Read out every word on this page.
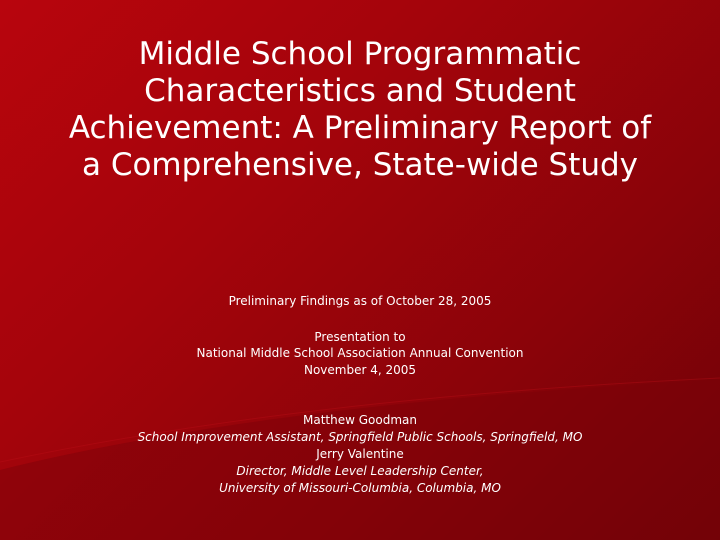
Middle School Programmatic
Characteristics and Student
Achievement: A Preliminary Report of
a Comprehensive, State-wide Study
Preliminary Findings as of October 28, 2005
Presentation to
National Middle School Association Annual Convention
November 4, 2005
Matthew Goodman
School Improvement Assistant, Springfield Public Schools, Springfield, MO
Jerry Valentine
Director, Middle Level Leadership Center,
University of Missouri-Columbia, Columbia, MO
